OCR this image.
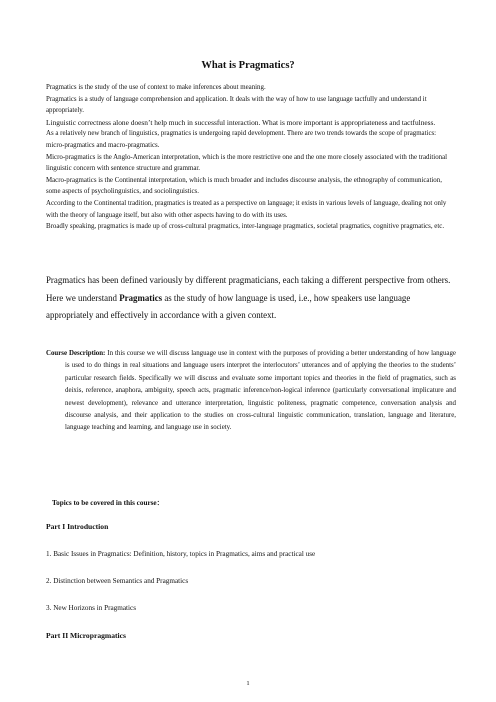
What is Pragmatics?

Pragmatics is the study of the use of context to make inferences about meaning.

Pragmatics is a study of language comprehension and application. It deals with the way of how to use language tactfully and understand it appropriately.

Linguistic correctness alone doesn’t help much in successful interaction. What is more important is appropriateness and tactfulness.

As a relatively new branch of linguistics, pragmatics is undergoing rapid development. There are two trends towards the scope of pragmatics: micro-pragmatics and macro-pragmatics.

Micro-pragmatics is the Anglo-American interpretation, which is the more restrictive one and the one more closely associated with the traditional linguistic concern with sentence structure and grammar.

Macro-pragmatics is the Continental interpretation, which is much broader and includes discourse analysis, the ethnography of communication, some aspects of psycholinguistics, and sociolinguistics.

According to the Continental tradition, pragmatics is treated as a perspective on language; it exists in various levels of language, dealing not only with the theory of language itself, but also with other aspects having to do with its uses.

Broadly speaking, pragmatics is made up of cross-cultural pragmatics, inter-language pragmatics, societal pragmatics, cognitive pragmatics, etc.

Pragmatics has been defined variously by different pragmaticians, each taking a different perspective from others. Here we understand Pragmatics as the study of how language is used, i.e., how speakers use language appropriately and effectively in accordance with a given context.

Course Description: In this course we will discuss language use in context with the purposes of providing a better understanding of how language is used to do things in real situations and language users interpret the interlocutors’ utterances and of applying the theories to the students’ particular research fields. Specifically we will discuss and evaluate some important topics and theories in the field of pragmatics, such as deixis, reference, anaphora, ambiguity, speech acts, pragmatic inference/non-logical inference (particularly conversational implicature and newest development), relevance and utterance interpretation, linguistic politeness, pragmatic competence, conversation analysis and discourse analysis, and their application to the studies on cross-cultural linguistic communication, translation, language and literature, language teaching and learning, and language use in society.

Topics to be covered in this course：
Part I Introduction
1. Basic Issues in Pragmatics: Definition, history, topics in Pragmatics, aims and practical use
2. Distinction between Semantics and Pragmatics
3. New Horizons in Pragmatics
Part II Micropragmatics
1
